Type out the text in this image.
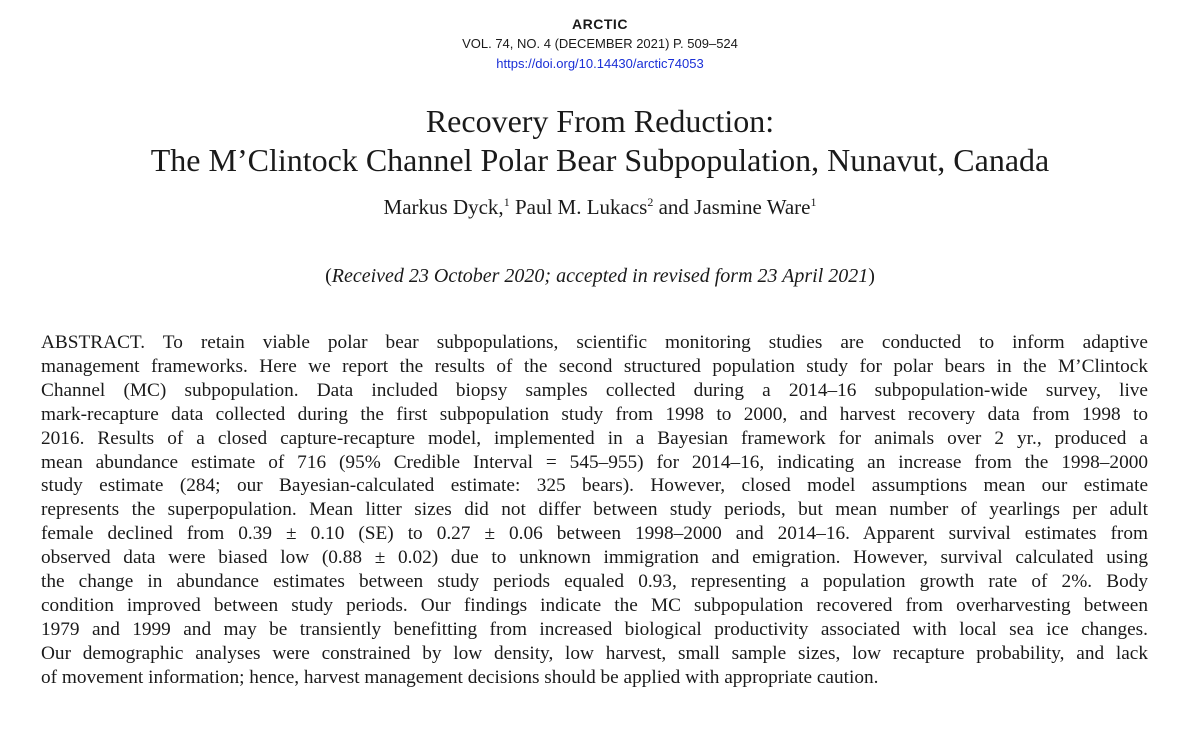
ARCTIC
VOL. 74, NO. 4 (DECEMBER 2021) P. 509–524
https://doi.org/10.14430/arctic74053
Recovery From Reduction:
The M’Clintock Channel Polar Bear Subpopulation, Nunavut, Canada
Markus Dyck,$^1$ Paul M. Lukacs$^2$ and Jasmine Ware$^1$
(Received 23 October 2020; accepted in revised form 23 April 2021)
ABSTRACT. To retain viable polar bear subpopulations, scientific monitoring studies are conducted to inform adaptive
management frameworks. Here we report the results of the second structured population study for polar bears in the M’Clintock
Channel (MC) subpopulation. Data included biopsy samples collected during a 2014–16 subpopulation-wide survey, live
mark-recapture data collected during the first subpopulation study from 1998 to 2000, and harvest recovery data from 1998 to
2016. Results of a closed capture-recapture model, implemented in a Bayesian framework for animals over 2 yr., produced a
mean abundance estimate of 716 (95% Credible Interval = 545–955) for 2014–16, indicating an increase from the 1998–2000
study estimate (284; our Bayesian-calculated estimate: 325 bears). However, closed model assumptions mean our estimate
represents the superpopulation. Mean litter sizes did not differ between study periods, but mean number of yearlings per adult
female declined from 0.39 ± 0.10 (SE) to 0.27 ± 0.06 between 1998–2000 and 2014–16. Apparent survival estimates from
observed data were biased low (0.88 ± 0.02) due to unknown immigration and emigration. However, survival calculated using
the change in abundance estimates between study periods equaled 0.93, representing a population growth rate of 2%. Body
condition improved between study periods. Our findings indicate the MC subpopulation recovered from overharvesting between
1979 and 1999 and may be transiently benefitting from increased biological productivity associated with local sea ice changes.
Our demographic analyses were constrained by low density, low harvest, small sample sizes, low recapture probability, and lack
of movement information; hence, harvest management decisions should be applied with appropriate caution.
